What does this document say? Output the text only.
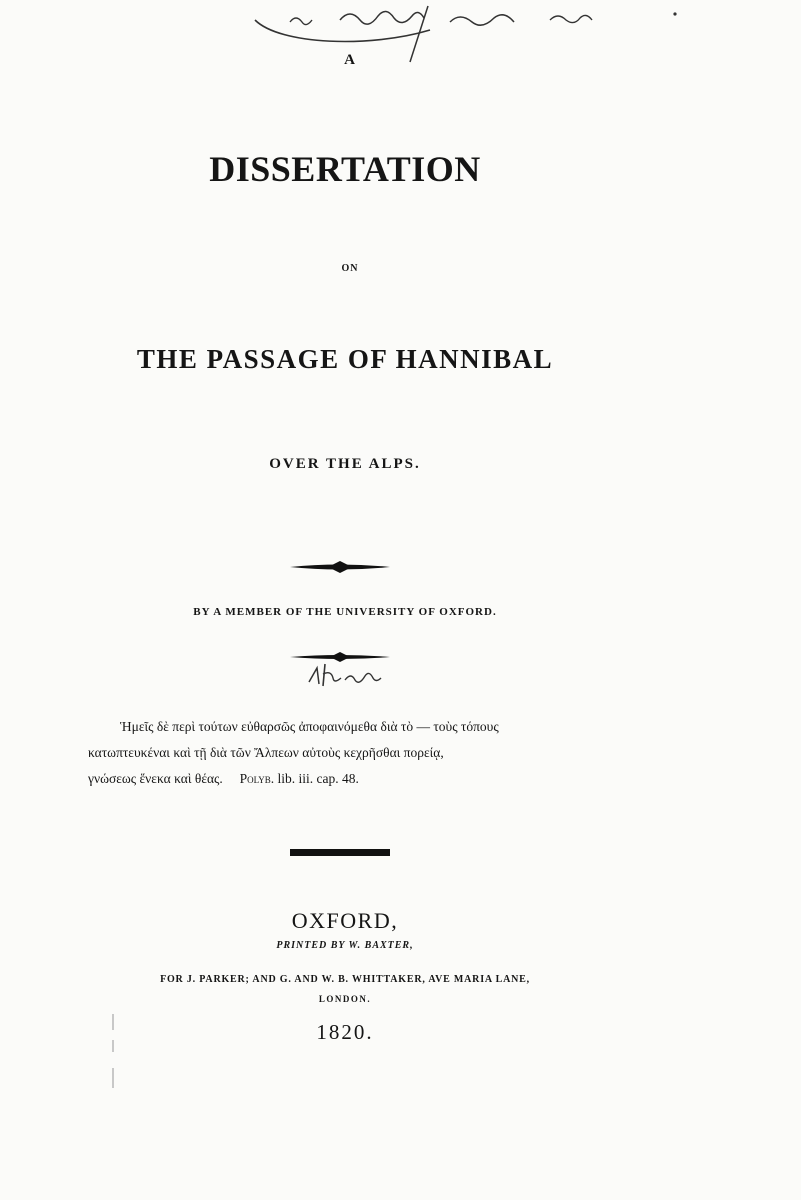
A
DISSERTATION
ON
THE PASSAGE OF HANNIBAL
OVER THE ALPS.
BY A MEMBER OF THE UNIVERSITY OF OXFORD.

Ἡμεῖς δὲ περὶ τούτων εὐθαρσῶς ἀποφαινόμεθα διὰ τὸ — τοὺς τόπους

κατωπτευκέναι καὶ τῇ διὰ τῶν Ἄλπεων αὐτοὺς κεχρῆσθαι πορείᾳ,

γνώσεως ἕνεκα καὶ θέας. Polyb. lib. iii. cap. 48.

OXFORD,
PRINTED BY W. BAXTER,
FOR J. PARKER; AND G. AND W. B. WHITTAKER, AVE MARIA LANE,
LONDON.
1820.
